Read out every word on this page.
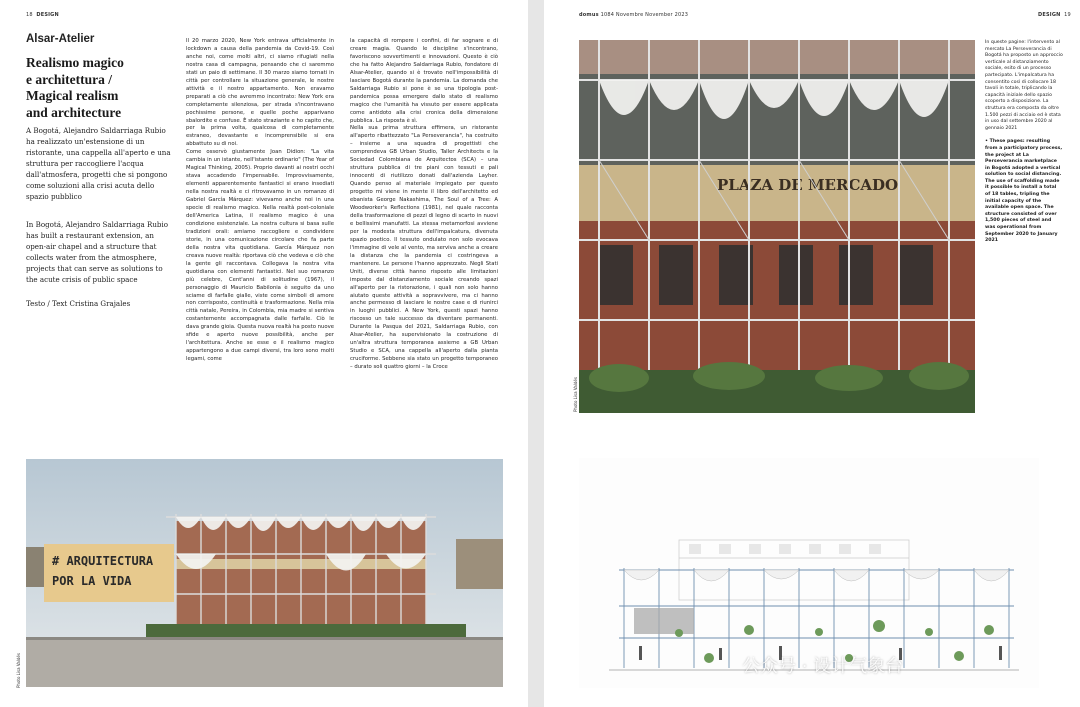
18 DESIGN
Alsar-Atelier
Realismo magico
e architettura /
Magical realism
and architecture
A Bogotá, Alejandro Saldarriaga Rubio ha realizzato un'estensione di un ristorante, una cappella all'aperto e una struttura per raccogliere l'acqua dall'atmosfera, progetti che si pongono come soluzioni alla crisi acuta dello spazio pubblico
In Bogotá, Alejandro Saldarriaga Rubio has built a restaurant extension, an open-air chapel and a structure that collects water from the atmosphere, projects that can serve as solutions to the acute crisis of public space
Testo / Text Cristina Grajales

Il 20 marzo 2020, New York entrava ufficialmente in lockdown a causa della pandemia da Covid-19. Così anche noi, come molti altri, ci siamo rifugiati nella nostra casa di campagna, pensando che ci saremmo stati un paio di settimane. Il 30 marzo siamo tornati in città per controllare la situazione generale, le nostre attività e il nostro appartamento. Non eravamo preparati a ciò che avremmo incontrato: New York era completamente silenziosa, per strada s'incontravano pochissime persone, e quelle poche apparivano sbalordite e confuse. È stato straziante e ho capito che, per la prima volta, qualcosa di completamente estraneo, devastante e incomprensibile si era abbattuto su di noi.

Come osservò giustamente Joan Didion: "La vita cambia in un istante, nell'istante ordinario" (The Year of Magical Thinking, 2005). Proprio davanti ai nostri occhi stava accadendo l'impensabile. Improvvisamente, elementi apparentemente fantastici si erano insediati nella nostra realtà e ci ritrovavamo in un romanzo di Gabriel García Márquez: vivevamo anche noi in una specie di realismo magico. Nella realtà post-coloniale dell'America Latina, il realismo magico è una condizione esistenziale. La nostra cultura si basa sulle tradizioni orali: amiamo raccogliere e condividere storie, in una comunicazione circolare che fa parte della nostra vita quotidiana. García Márquez non creava nuove realtà: riportava ciò che vedeva e ciò che la gente gli raccontava. Collegava la nostra vita quotidiana con elementi fantastici. Nel suo romanzo più celebre, Cent'anni di solitudine (1967), il personaggio di Mauricio Babilonia è seguito da uno sciame di farfalle gialle, viste come simboli di amore non corrisposto, continuità e trasformazione. Nella mia città natale, Pereira, in Colombia, mia madre si sentiva costantemente accompagnata dalle farfalle. Ciò le dava grande gioia. Questa nuova realtà ha posto nuove sfide e aperto nuove possibilità, anche per l'architettura. Anche se esse e il realismo magico appartengono a due campi diversi, tra loro sono molti legami, come

la capacità di rompere i confini, di far sognare e di creare magia. Quando le discipline s'incontrano, favoriscono sovvertimenti e innovazioni. Questo è ciò che ha fatto Alejandro Saldarriaga Rubio, fondatore di Alsar-Atelier, quando si è trovato nell'impossibilità di lasciare Bogotá durante la pandemia. La domanda che Saldarriaga Rubio si pone è se una tipologia post-pandemica possa emergere dallo stato di realismo magico che l'umanità ha vissuto per essere applicata come antidoto alla crisi cronica della dimensione pubblica. La risposta è sì.

Nella sua prima struttura effimera, un ristorante all'aperto ribattezzato "La Perseverancia", ha costruito – insieme a una squadra di progettisti che comprendeva GB Urban Studio, Taller Architects e la Sociedad Colombiana de Arquitectos (SCA) – una struttura pubblica di tre piani con tessuti e pali innocenti di riutilizzo donati dall'azienda Layher. Quando penso al materiale impiegato per questo progetto mi viene in mente il libro dell'architetto ed ebanista George Nakashima, The Soul of a Tree: A Woodworker's Reflections (1981), nel quale racconta della trasformazione di pezzi di legno di scarto in nuovi e bellissimi manufatti. La stessa metamorfosi avviene per la modesta struttura dell'impalcatura, divenuta spazio poetico. Il tessuto ondulato non solo evocava l'immagine di vele al vento, ma serviva anche a creare la distanza che la pandemia ci costringeva a mantenere. Le persone l'hanno apprezzato. Negli Stati Uniti, diverse città hanno risposto alle limitazioni imposte dal distanziamento sociale creando spazi all'aperto per la ristorazione, i quali non solo hanno aiutato queste attività a sopravvivere, ma ci hanno anche permesso di lasciare le nostre case e di riunirci in luoghi pubblici. A New York, questi spazi hanno riscosso un tale successo da diventare permanenti. Durante la Pasqua del 2021, Saldarriaga Rubio, con Alsar-Atelier, ha supervisionato la costruzione di un'altra struttura temporanea assieme a GB Urban Studio e SCA, una cappella all'aperto dalla pianta cruciforme. Sebbene sia stato un progetto temporaneo – durato soli quattro giorni – la Croce

# ARQUITECTURA
POR LA VIDA
Photo Lisa Valdés
domus 1084 Novembre November 2023	DESIGN 19
PLAZA DE MERCADO
Photo Lisa Valdés

In queste pagine: l'intervento al mercato La Perseverancia di Bogotá ha proposto un approccio verticale al distanziamento sociale, esito di un processo partecipato. L'impalcatura ha consentito così di collocare 18 tavoli in totale, triplicando la capacità iniziale dello spazio scoperto a disposizione. La struttura era composta da oltre 1.500 pezzi di acciaio ed è stata in uso dal settembre 2020 al gennaio 2021

• These pages: resulting from a participatory process, the project at La Perseverancia marketplace in Bogotá adopted a vertical solution to social distancing. The use of scaffolding made it possible to install a total of 18 tables, tripling the initial capacity of the available open space. The structure consisted of over 1,500 pieces of steel and was operational from September 2020 to January 2021

公众号 · 设计气象台
